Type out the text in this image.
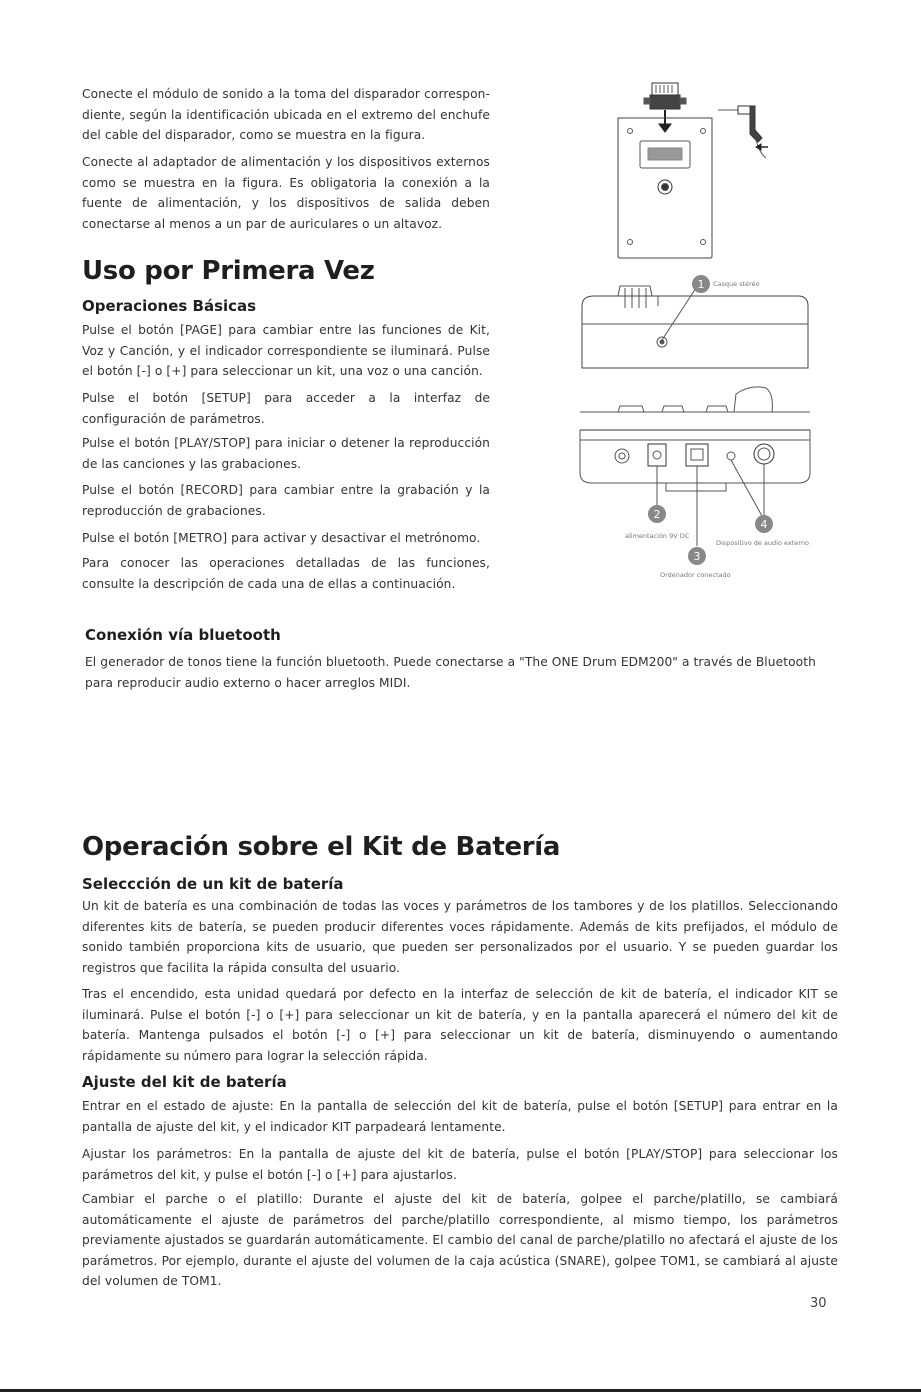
Conecte el módulo de sonido a la toma del disparador correspon-diente, según la identificación ubicada en el extremo del enchufe del cable del disparador, como se muestra en la figura.

Conecte al adaptador de alimentación y los dispositivos externos como se muestra en la figura. Es obligatoria la conexión a la fuente de alimentación, y los dispositivos de salida deben conectarse al menos a un par de auriculares o un altavoz.

Uso por Primera Vez
Operaciones Básicas

Pulse el botón [PAGE] para cambiar entre las funciones de Kit, Voz y Canción, y el indicador correspondiente se iluminará. Pulse el botón [-] o [+] para seleccionar un kit, una voz o una canción.

Pulse el botón [SETUP] para acceder a la interfaz de configuración de parámetros.

Pulse el botón [PLAY/STOP] para iniciar o detener la reproducción de las canciones y las grabaciones.

Pulse el botón [RECORD] para cambiar entre la grabación y la reproducción de grabaciones.

Pulse el botón [METRO] para activar y desactivar el metrónomo.

Para conocer las operaciones detalladas de las funciones, consulte la descripción de cada una de ellas a continuación.

Conexión vía bluetooth

El generador de tonos tiene la función bluetooth. Puede conectarse a "The ONE Drum EDM200" a través de Bluetooth para reproducir audio externo o hacer arreglos MIDI.

Operación sobre el Kit de Batería
Seleccción de un kit de batería

Un kit de batería es una combinación de todas las voces y parámetros de los tambores y de los platillos. Seleccionando diferentes kits de batería, se pueden producir diferentes voces rápidamente. Además de kits prefijados, el módulo de sonido también proporciona kits de usuario, que pueden ser personalizados por el usuario. Y se pueden guardar los registros que facilita la rápida consulta del usuario.

Tras el encendido, esta unidad quedará por defecto en la interfaz de selección de kit de batería, el indicador KIT se iluminará. Pulse el botón [-] o [+] para seleccionar un kit de batería, y en la pantalla aparecerá el número del kit de batería. Mantenga pulsados el botón [-] o [+] para seleccionar un kit de batería, disminuyendo o aumentando rápidamente su número para lograr la selección rápida.

Ajuste del kit de batería

Entrar en el estado de ajuste: En la pantalla de selección del kit de batería, pulse el botón [SETUP] para entrar en la pantalla de ajuste del kit, y el indicador KIT parpadeará lentamente.

Ajustar los parámetros: En la pantalla de ajuste del kit de batería, pulse el botón [PLAY/STOP] para seleccionar los parámetros del kit, y pulse el botón [-] o [+] para ajustarlos.

Cambiar el parche o el platillo: Durante el ajuste del kit de batería, golpee el parche/platillo, se cambiará automáticamente el ajuste de parámetros del parche/platillo correspondiente, al mismo tiempo, los parámetros previamente ajustados se guardarán automáticamente. El cambio del canal de parche/platillo no afectará el ajuste de los parámetros. Por ejemplo, durante el ajuste del volumen de la caja acústica (SNARE), golpee TOM1, se cambiará al ajuste del volumen de TOM1.

1 Casque stéréo
2
alimentación 9V DC
3
Ordenador conectado
4
Dispositivo de audio externo
30
